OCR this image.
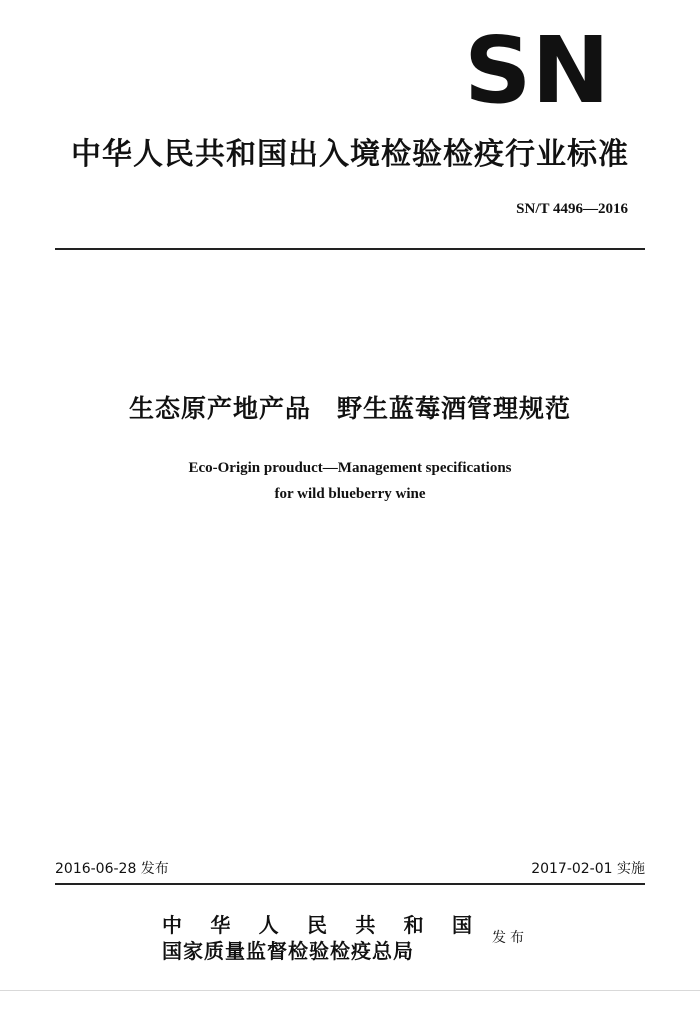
SN
中华人民共和国出入境检验检疫行业标准
SN/T 4496—2016
生态原产地产品　野生蓝莓酒管理规范
Eco-Origin prouduct—Management specifications
for wild blueberry wine
2016-06-28 发布	2017-02-01 实施
中 华 人 民 共 和 国
国家质量监督检验检疫总局
发布
